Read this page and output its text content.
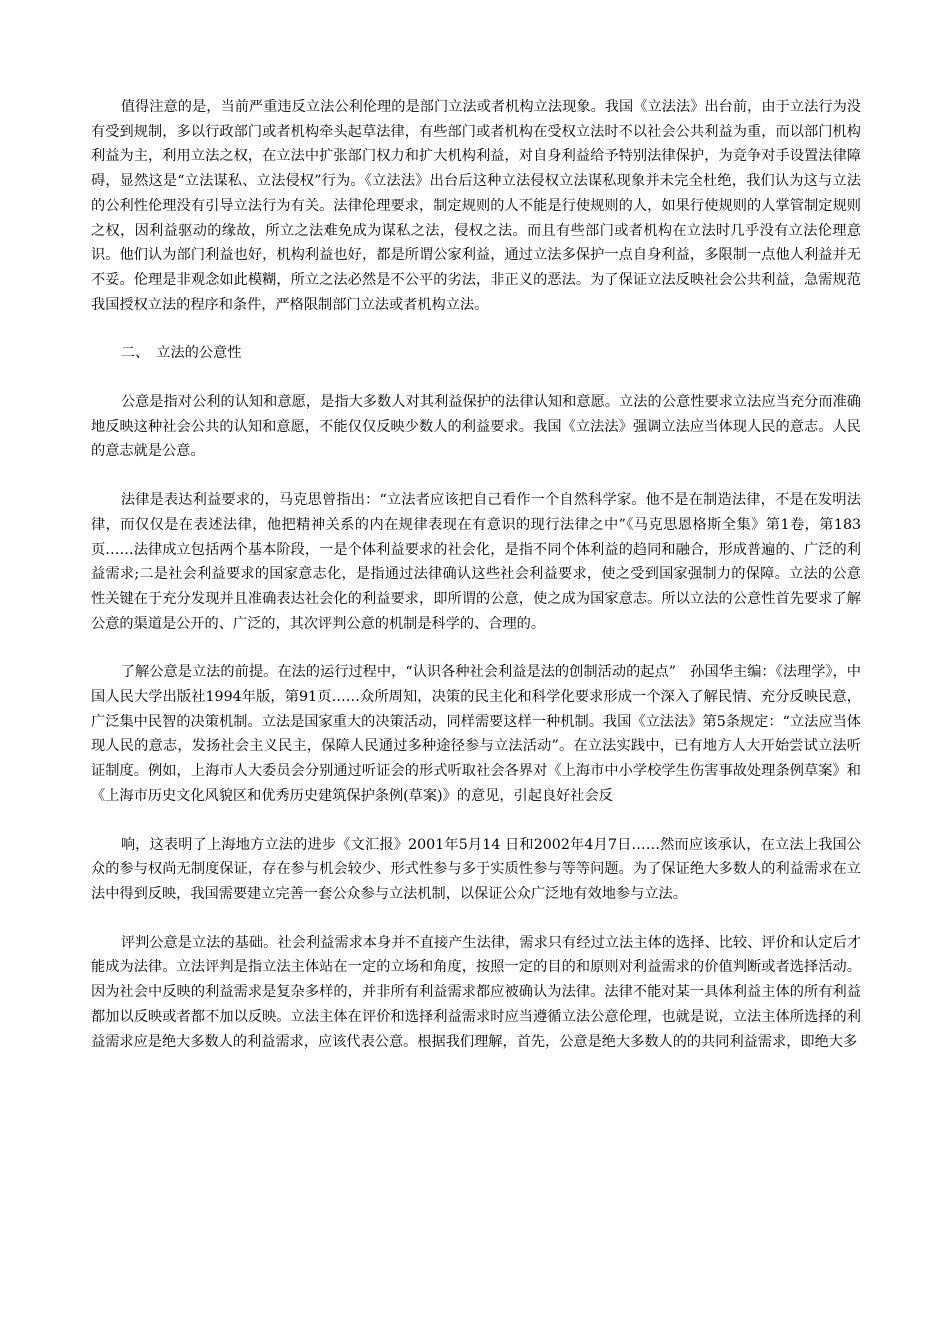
值得注意的是，当前严重违反立法公利伦理的是部门立法或者机构立法现象。我国《立法法》出台前，由于立法行为没有受到规制，多以行政部门或者机构牵头起草法律，有些部门或者机构在受权立法时不以社会公共利益为重，而以部门机构利益为主，利用立法之权，在立法中扩张部门权力和扩大机构利益，对自身利益给予特别法律保护，为竞争对手设置法律障碍，显然这是“立法谋私、立法侵权”行为。《立法法》出台后这种立法侵权立法谋私现象并未完全杜绝，我们认为这与立法的公利性伦理没有引导立法行为有关。法律伦理要求，制定规则的人不能是行使规则的人，如果行使规则的人掌管制定规则之权，因利益驱动的缘故，所立之法难免成为谋私之法，侵权之法。而且有些部门或者机构在立法时几乎没有立法伦理意识。他们认为部门利益也好，机构利益也好，都是所谓公家利益，通过立法多保护一点自身利益，多限制一点他人利益并无不妥。伦理是非观念如此模糊，所立之法必然是不公平的劣法，非正义的恶法。为了保证立法反映社会公共利益，急需规范我国授权立法的程序和条件，严格限制部门立法或者机构立法。

二、　立法的公意性

公意是指对公利的认知和意愿，是指大多数人对其利益保护的法律认知和意愿。立法的公意性要求立法应当充分而准确地反映这种社会公共的认知和意愿，不能仅仅反映少数人的利益要求。我国《立法法》强调立法应当体现人民的意志。人民的意志就是公意。

法律是表达利益要求的，马克思曾指出：“立法者应该把自己看作一个自然科学家。他不是在制造法律，不是在发明法律，而仅仅是在表述法律，他把精神关系的内在规律表现在有意识的现行法律之中”《马克思恩格斯全集》第1卷，第183页……法律成立包括两个基本阶段，一是个体利益要求的社会化，是指不同个体利益的趋同和融合，形成普遍的、广泛的利益需求;二是社会利益要求的国家意志化，是指通过法律确认这些社会利益要求，使之受到国家强制力的保障。立法的公意性关键在于充分发现并且准确表达社会化的利益要求，即所谓的公意，使之成为国家意志。所以立法的公意性首先要求了解公意的渠道是公开的、广泛的，其次评判公意的机制是科学的、合理的。

了解公意是立法的前提。在法的运行过程中，“认识各种社会利益是法的创制活动的起点”　孙国华主编：《法理学》，中国人民大学出版社1994年版，第91页……众所周知，决策的民主化和科学化要求形成一个深入了解民情、充分反映民意，广泛集中民智的决策机制。立法是国家重大的决策活动，同样需要这样一种机制。我国《立法法》第5条规定：“立法应当体现人民的意志，发扬社会主义民主，保障人民通过多种途径参与立法活动”。在立法实践中，已有地方人大开始尝试立法听证制度。例如，上海市人大委员会分别通过听证会的形式听取社会各界对《上海市中小学校学生伤害事故处理条例草案》和《上海市历史文化风貌区和优秀历史建筑保护条例(草案)》的意见，引起良好社会反

响，这表明了上海地方立法的进步《文汇报》2001年5月14 日和2002年4月7日……然而应该承认，在立法上我国公众的参与权尚无制度保证，存在参与机会较少、形式性参与多于实质性参与等等问题。为了保证绝大多数人的利益需求在立法中得到反映，我国需要建立完善一套公众参与立法机制，以保证公众广泛地有效地参与立法。

评判公意是立法的基础。社会利益需求本身并不直接产生法律，需求只有经过立法主体的选择、比较、评价和认定后才能成为法律。立法评判是指立法主体站在一定的立场和角度，按照一定的目的和原则对利益需求的价值判断或者选择活动。因为社会中反映的利益需求是复杂多样的，并非所有利益需求都应被确认为法律。法律不能对某一具体利益主体的所有利益都加以反映或者都不加以反映。立法主体在评价和选择利益需求时应当遵循立法公意伦理，也就是说，立法主体所选择的利益需求应是绝大多数人的利益需求，应该代表公意。根据我们理解，首先，公意是绝大多数人的的共同利益需求，即绝大多
